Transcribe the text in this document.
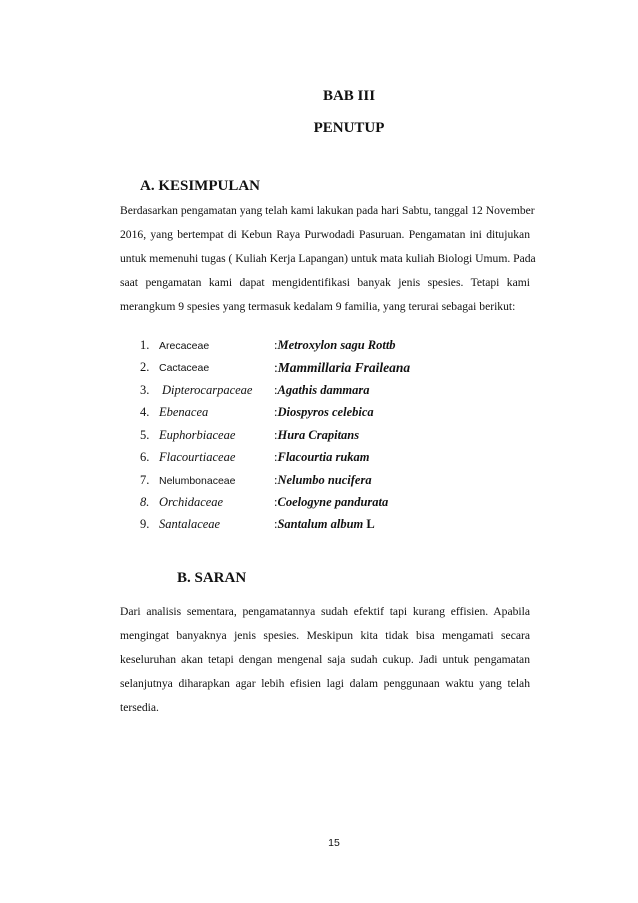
BAB III
PENUTUP
A. KESIMPULAN
Berdasarkan pengamatan yang telah kami lakukan pada hari Sabtu, tanggal 12 November
2016, yang bertempat di Kebun Raya Purwodadi Pasuruan. Pengamatan ini ditujukan
untuk memenuhi tugas ( Kuliah Kerja Lapangan) untuk mata kuliah Biologi Umum. Pada
saat pengamatan kami dapat mengidentifikasi banyak jenis spesies. Tetapi kami
merangkum 9 spesies yang termasuk kedalam 9 familia, yang terurai sebagai berikut:
1. Arecaceae	:Metroxylon sagu Rottb
2. Cactaceae	:Mammillaria Fraileana
3.	Dipterocarpaceae :Agathis dammara
4. Ebenacea	:Diospyros celebica
5. Euphorbiaceae	:Hura Crapitans
6. Flacourtiaceae	:Flacourtia rukam
7. Nelumbonaceae	:Nelumbo nucifera
8. Orchidaceae	:Coelogyne pandurata
9. Santalaceae	:Santalum album L
B. SARAN
Dari analisis sementara, pengamatannya sudah efektif tapi kurang effisien. Apabila
mengingat banyaknya jenis spesies. Meskipun kita tidak bisa mengamati secara
keseluruhan akan tetapi dengan mengenal saja sudah cukup. Jadi untuk pengamatan
selanjutnya diharapkan agar lebih efisien lagi dalam penggunaan waktu yang telah
tersedia.
15
